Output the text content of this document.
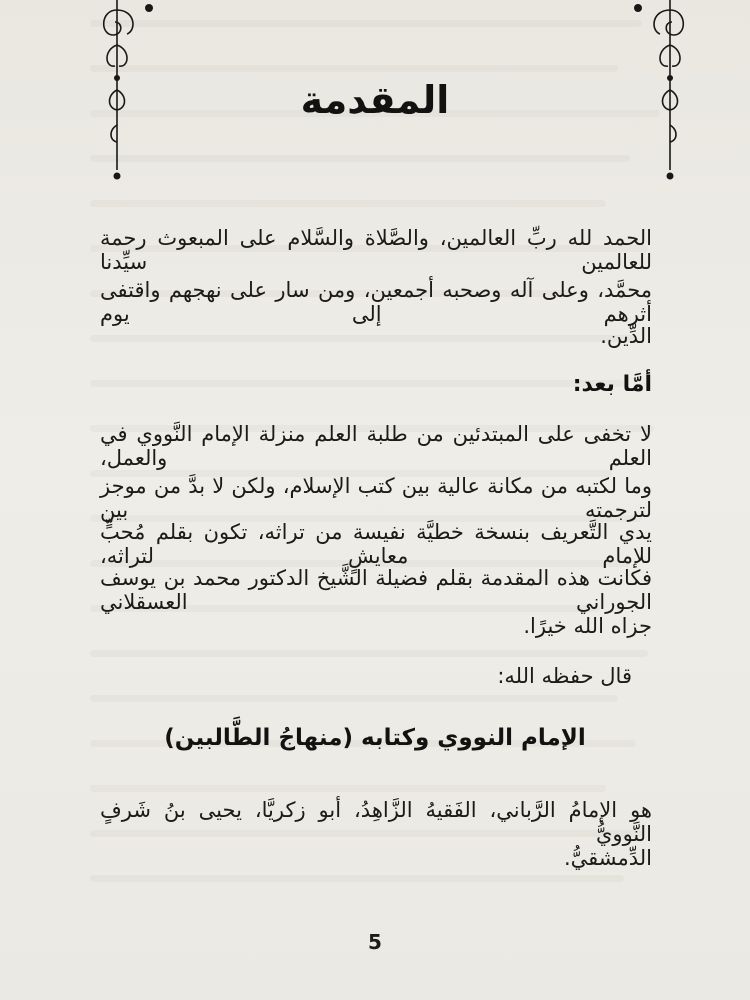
المقدمة
الحمد لله ربِّ العالمين، والصَّلاة والسَّلام على المبعوث رحمة للعالمين سيِّدنا
محمَّد، وعلى آله وصحبه أجمعين، ومن سار على نهجهم واقتفى أثرهم إلى يوم
الدِّين.
أمَّا بعد:
لا تخفى على المبتدئين من طلبة العلم منزلة الإمام النَّووي في العلم والعمل،
وما لكتبه من مكانة عالية بين كتب الإسلام، ولكن لا بدَّ من موجز لترجمته بين
يدي التَّعريف بنسخة خطيَّة نفيسة من تراثه، تكون بقلم مُحبٍّ للإمام معايشٍ لتراثه،
فكانت هذه المقدمة بقلم فضيلة الشَّيخ الدكتور محمد بن يوسف الجوراني العسقلاني
جزاه الله خيرًا.
قال حفظه الله:
الإمام النووي وكتابه (منهاجُ الطَّالبين)
هو الإمامُ الرَّباني، الفَقيهُ الزَّاهِدُ، أبو زكريَّا، يحيى بنُ شَرفٍ النَّوويُّ
الدِّمشقيُّ.
5
